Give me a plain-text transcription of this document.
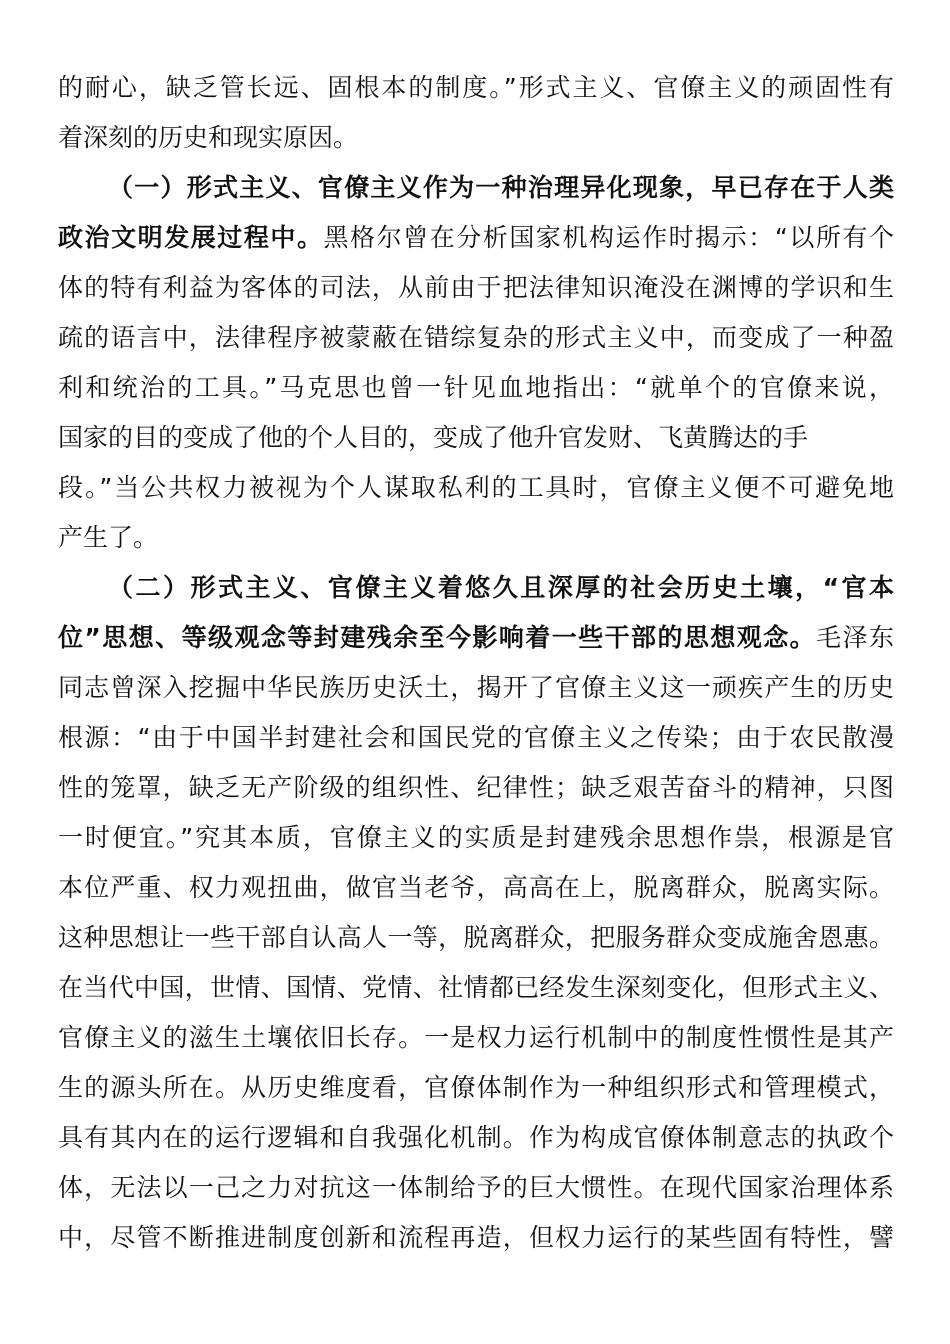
的耐心，缺乏管长远、固根本的制度。”形式主义、官僚主义的顽固性有
着深刻的历史和现实原因。
（一）形式主义、官僚主义作为一种治理异化现象，早已存在于人类
政治文明发展过程中。黑格尔曾在分析国家机构运作时揭示：“以所有个
体的特有利益为客体的司法，从前由于把法律知识淹没在渊博的学识和生
疏的语言中，法律程序被蒙蔽在错综复杂的形式主义中，而变成了一种盈
利和统治的工具。”马克思也曾一针见血地指出：“就单个的官僚来说，
国家的目的变成了他的个人目的，变成了他升官发财、飞黄腾达的手
段。”当公共权力被视为个人谋取私利的工具时，官僚主义便不可避免地
产生了。
（二）形式主义、官僚主义着悠久且深厚的社会历史土壤，“官本
位”思想、等级观念等封建残余至今影响着一些干部的思想观念。毛泽东
同志曾深入挖掘中华民族历史沃土，揭开了官僚主义这一顽疾产生的历史
根源：“由于中国半封建社会和国民党的官僚主义之传染；由于农民散漫
性的笼罩，缺乏无产阶级的组织性、纪律性；缺乏艰苦奋斗的精神，只图
一时便宜。”究其本质，官僚主义的实质是封建残余思想作祟，根源是官
本位严重、权力观扭曲，做官当老爷，高高在上，脱离群众，脱离实际。
这种思想让一些干部自认高人一等，脱离群众，把服务群众变成施舍恩惠。
在当代中国，世情、国情、党情、社情都已经发生深刻变化，但形式主义、
官僚主义的滋生土壤依旧长存。一是权力运行机制中的制度性惯性是其产
生的源头所在。从历史维度看，官僚体制作为一种组织形式和管理模式，
具有其内在的运行逻辑和自我强化机制。作为构成官僚体制意志的执政个
体，无法以一己之力对抗这一体制给予的巨大惯性。在现代国家治理体系
中，尽管不断推进制度创新和流程再造，但权力运行的某些固有特性，譬
